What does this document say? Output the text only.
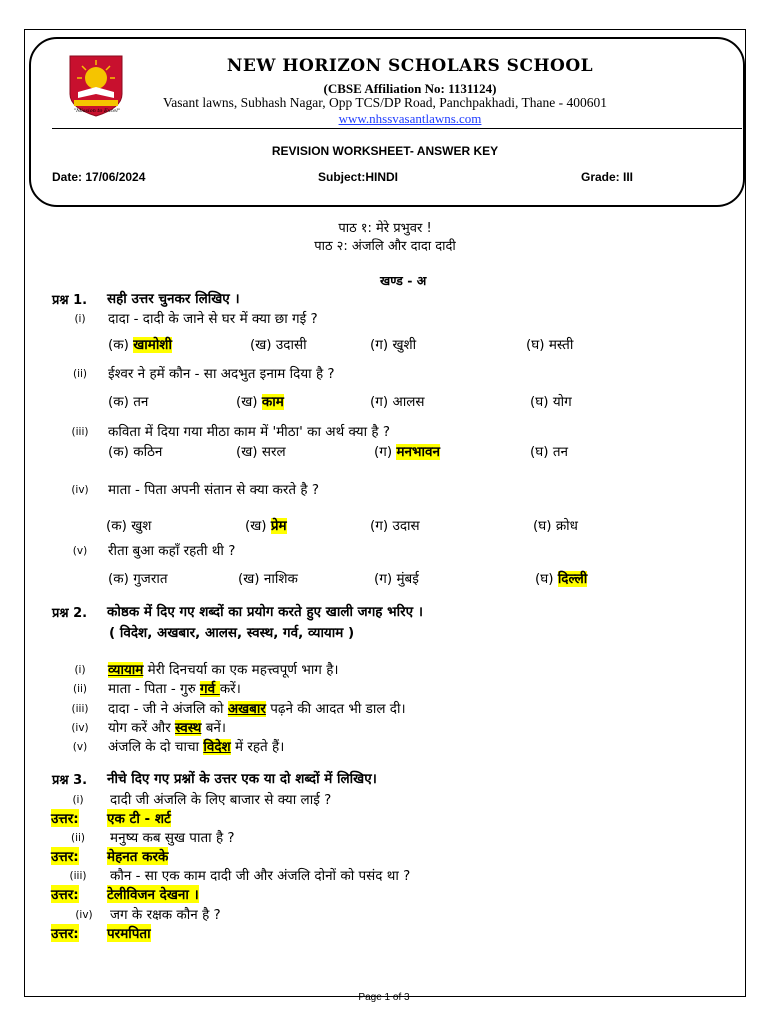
"Mission to Excel"
NEW HORIZON SCHOLARS SCHOOL
(CBSE Affiliation No: 1131124)
Vasant lawns, Subhash Nagar, Opp TCS/DP Road, Panchpakhadi, Thane - 400601
www.nhssvasantlawns.com
REVISION WORKSHEET- ANSWER KEY
Date: 17/06/2024	Subject:HINDI	Grade: III
पाठ १: मेरे प्रभुवर !
पाठ २: अंजलि और दादा दादी
खण्ड - अ
प्रश्न 1. सही उत्तर चुनकर लिखिए ।
(i)	दादा - दादी के जाने से घर में क्या छा गई ?
(क) खामोशी	(ख) उदासी	(ग) खुशी	(घ) मस्ती
(ii)	ईश्वर ने हमें कौन - सा अदभुत इनाम दिया है ?
(क) तन	(ख) काम	(ग) आलस	(घ) योग
(iii)	कविता में दिया गया मीठा काम में 'मीठा' का अर्थ क्या है ?
(क) कठिन	(ख) सरल	(ग) मनभावन	(घ) तन
(iv)	माता - पिता अपनी संतान से क्या करते है ?
(क) खुश	(ख) प्रेम	(ग) उदास	(घ) क्रोध
(v)	रीता बुआ कहाँ रहती थी ?
(क) गुजरात	(ख) नाशिक	(ग) मुंबई	(घ) दिल्ली
प्रश्न 2. कोष्ठक में दिए गए शब्दों का प्रयोग करते हुए खाली जगह भरिए ।
( विदेश, अखबार, आलस, स्वस्थ, गर्व, व्यायाम )
(i)	व्यायाम मेरी दिनचर्या का एक महत्त्वपूर्ण भाग है।
(ii)	माता - पिता - गुरु गर्व करें।
(iii)	दादा - जी ने अंजलि को अखबार पढ़ने की आदत भी डाल दी।
(iv)	योग करें और स्वस्थ बनें।
(v)	अंजलि के दो चाचा विदेश में रहते हैं।
प्रश्न 3. नीचे दिए गए प्रश्नों के उत्तर एक या दो शब्दों में लिखिए।
(i)	दादी जी अंजलि के लिए बाजार से क्या लाई ?
उत्तर: एक टी - शर्ट
(ii)	मनुष्य कब सुख पाता है ?
उत्तर: मेहनत करके
(iii)	कौन - सा एक काम दादी जी और अंजलि दोनों को पसंद था ?
उत्तर: टेलीविजन देखना ।
(iv)	जग के रक्षक कौन है ?
उत्तर: परमपिता
Page 1 of 3
